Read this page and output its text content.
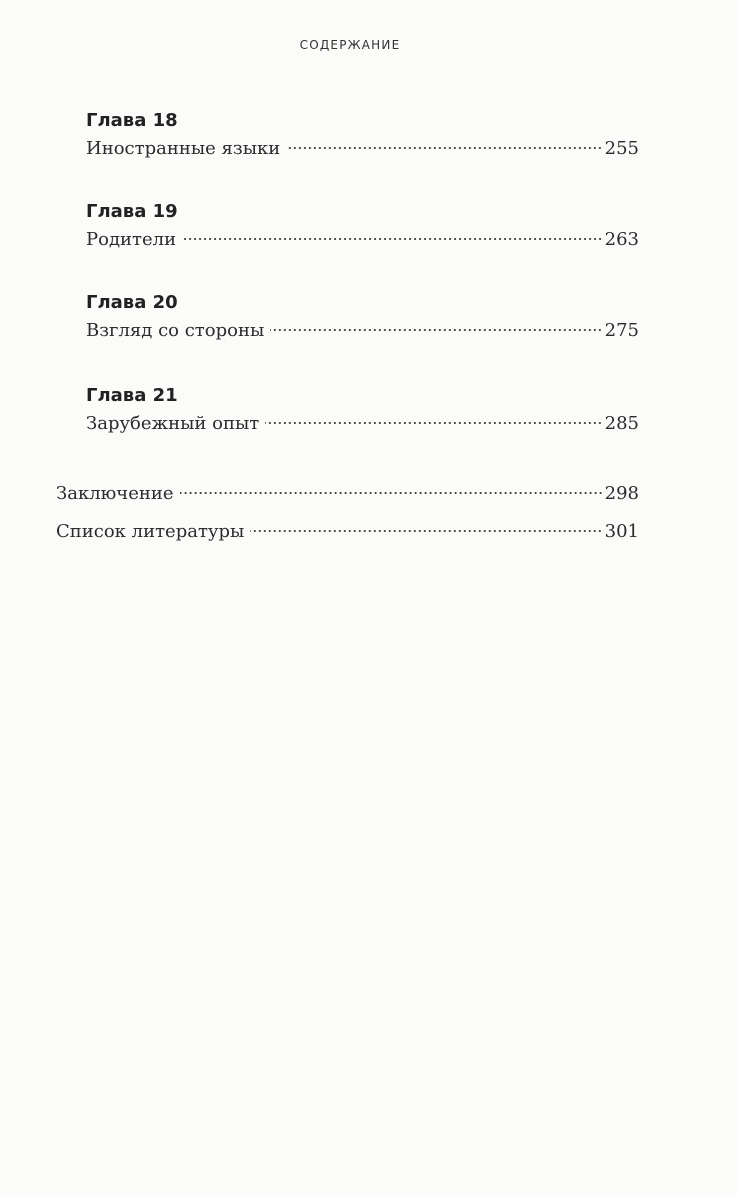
СОДЕРЖАНИЕ
Глава 18
Иностранные языки	255
Глава 19
Родители	263
Глава 20
Взгляд со стороны	275
Глава 21
Зарубежный опыт	285
Заключение	298
Список литературы	301
